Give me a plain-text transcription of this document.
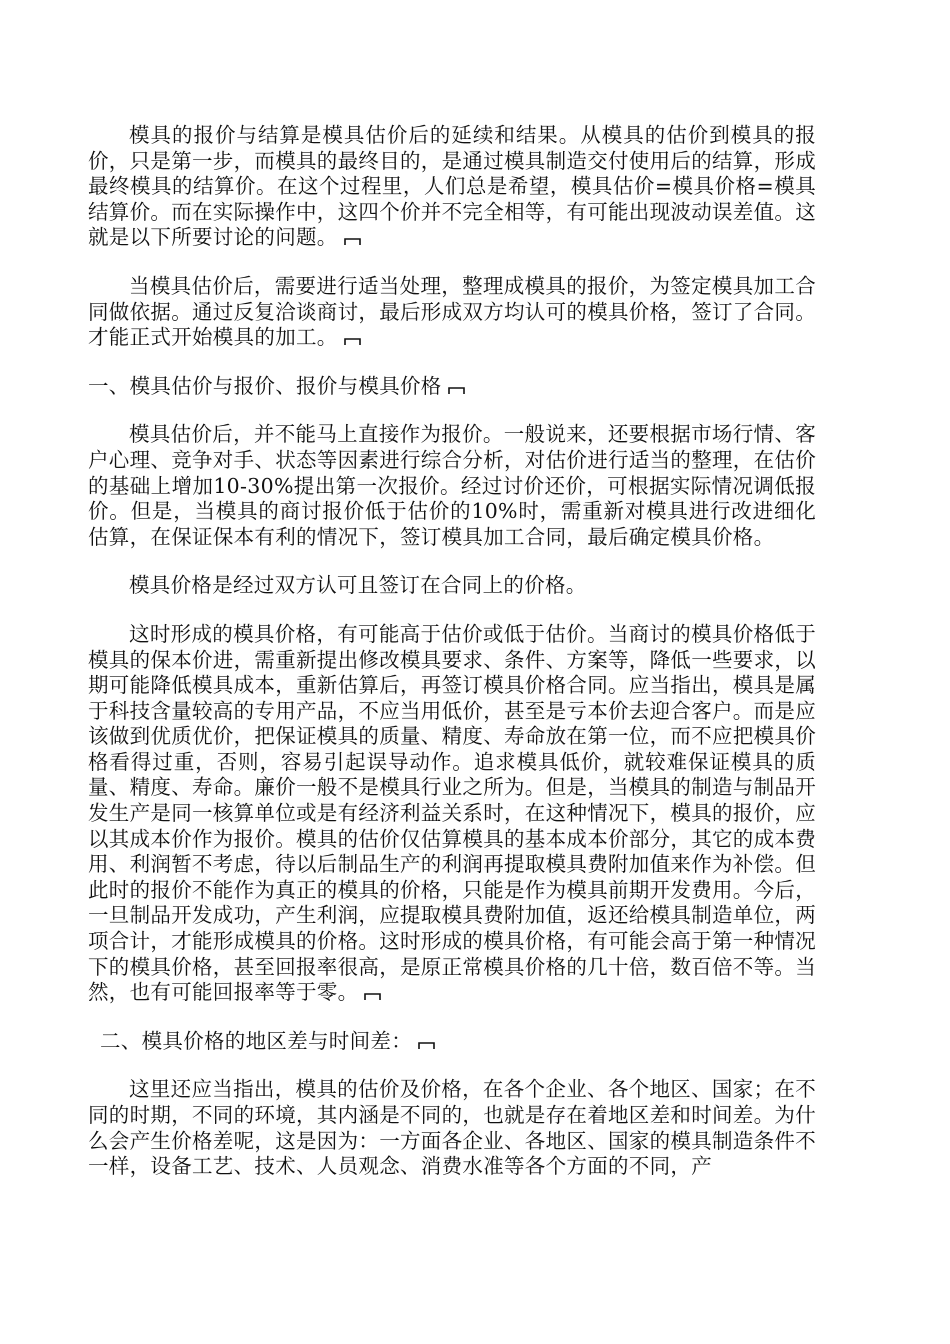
模具的报价与结算是模具估价后的延续和结果。从模具的估价到模具的报价，只是第一步，而模具的最终目的，是通过模具制造交付使用后的结算，形成最终模具的结算价。在这个过程里，人们总是希望，模具估价=模具价格=模具结算价。而在实际操作中，这四个价并不完全相等，有可能出现波动误差值。这就是以下所要讨论的问题。

当模具估价后，需要进行适当处理，整理成模具的报价，为签定模具加工合同做依据。通过反复洽谈商讨，最后形成双方均认可的模具价格，签订了合同。才能正式开始模具的加工。

一、模具估价与报价、报价与模具价格

模具估价后，并不能马上直接作为报价。一般说来，还要根据市场行情、客户心理、竞争对手、状态等因素进行综合分析，对估价进行适当的整理，在估价的基础上增加10-30%提出第一次报价。经过讨价还价，可根据实际情况调低报价。但是，当模具的商讨报价低于估价的10%时，需重新对模具进行改进细化估算，在保证保本有利的情况下，签订模具加工合同，最后确定模具价格。

模具价格是经过双方认可且签订在合同上的价格。

这时形成的模具价格，有可能高于估价或低于估价。当商讨的模具价格低于模具的保本价进，需重新提出修改模具要求、条件、方案等，降低一些要求，以期可能降低模具成本，重新估算后，再签订模具价格合同。应当指出，模具是属于科技含量较高的专用产品，不应当用低价，甚至是亏本价去迎合客户。而是应该做到优质优价，把保证模具的质量、精度、寿命放在第一位，而不应把模具价格看得过重，否则，容易引起误导动作。追求模具低价，就较难保证模具的质量、精度、寿命。廉价一般不是模具行业之所为。但是，当模具的制造与制品开发生产是同一核算单位或是有经济利益关系时，在这种情况下，模具的报价，应以其成本价作为报价。模具的估价仅估算模具的基本成本价部分，其它的成本费用、利润暂不考虑，待以后制品生产的利润再提取模具费附加值来作为补偿。但此时的报价不能作为真正的模具的价格，只能是作为模具前期开发费用。今后，一旦制品开发成功，产生利润，应提取模具费附加值，返还给模具制造单位，两项合计，才能形成模具的价格。这时形成的模具价格，有可能会高于第一种情况下的模具价格，甚至回报率很高，是原正常模具价格的几十倍，数百倍不等。当然，也有可能回报率等于零。

二、模具价格的地区差与时间差：

这里还应当指出，模具的估价及价格，在各个企业、各个地区、国家；在不同的时期，不同的环境，其内涵是不同的，也就是存在着地区差和时间差。为什么会产生价格差呢，这是因为：一方面各企业、各地区、国家的模具制造条件不一样，设备工艺、技术、人员观念、消费水准等各个方面的不同，产
